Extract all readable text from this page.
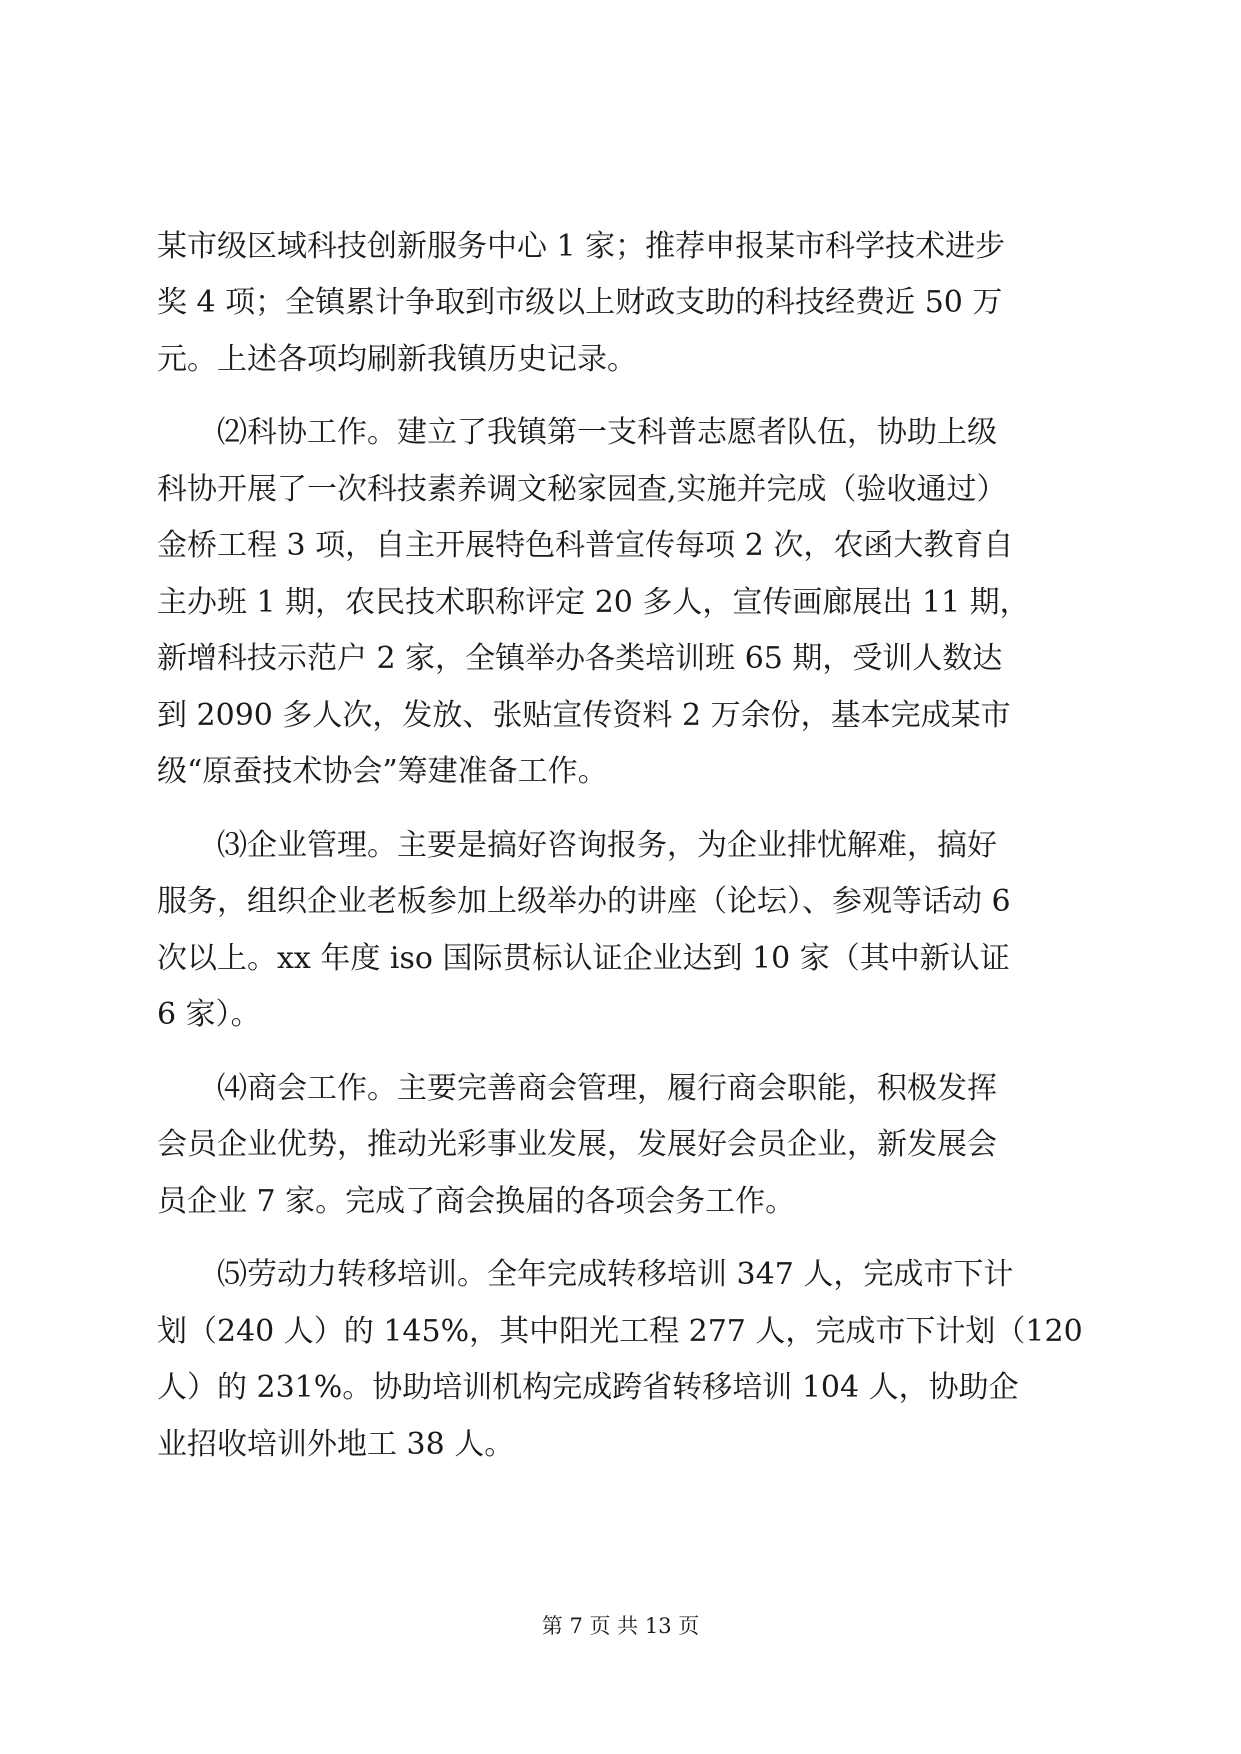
某市级区域科技创新服务中心 1 家；推荐申报某市科学技术进步
奖 4 项；全镇累计争取到市级以上财政支助的科技经费近 50 万
元。上述各项均刷新我镇历史记录。
⑵科协工作。建立了我镇第一支科普志愿者队伍，协助上级
科协开展了一次科技素养调文秘家园查,实施并完成（验收通过）
金桥工程 3 项，自主开展特色科普宣传每项 2 次，农函大教育自
主办班 1 期，农民技术职称评定 20 多人，宣传画廊展出 11 期，
新增科技示范户 2 家，全镇举办各类培训班 65 期，受训人数达
到 2090 多人次，发放、张贴宣传资料 2 万余份，基本完成某市
级“原蚕技术协会”筹建准备工作。
⑶企业管理。主要是搞好咨询报务，为企业排忧解难，搞好
服务，组织企业老板参加上级举办的讲座（论坛）、参观等话动 6
次以上。xx 年度 iso 国际贯标认证企业达到 10 家（其中新认证
6 家）。
⑷商会工作。主要完善商会管理，履行商会职能，积极发挥
会员企业优势，推动光彩事业发展，发展好会员企业，新发展会
员企业 7 家。完成了商会换届的各项会务工作。
⑸劳动力转移培训。全年完成转移培训 347 人，完成市下计
划（240 人）的 145%，其中阳光工程 277 人，完成市下计划（120
人）的 231%。协助培训机构完成跨省转移培训 104 人，协助企
业招收培训外地工 38 人。
第 7 页 共 13 页
